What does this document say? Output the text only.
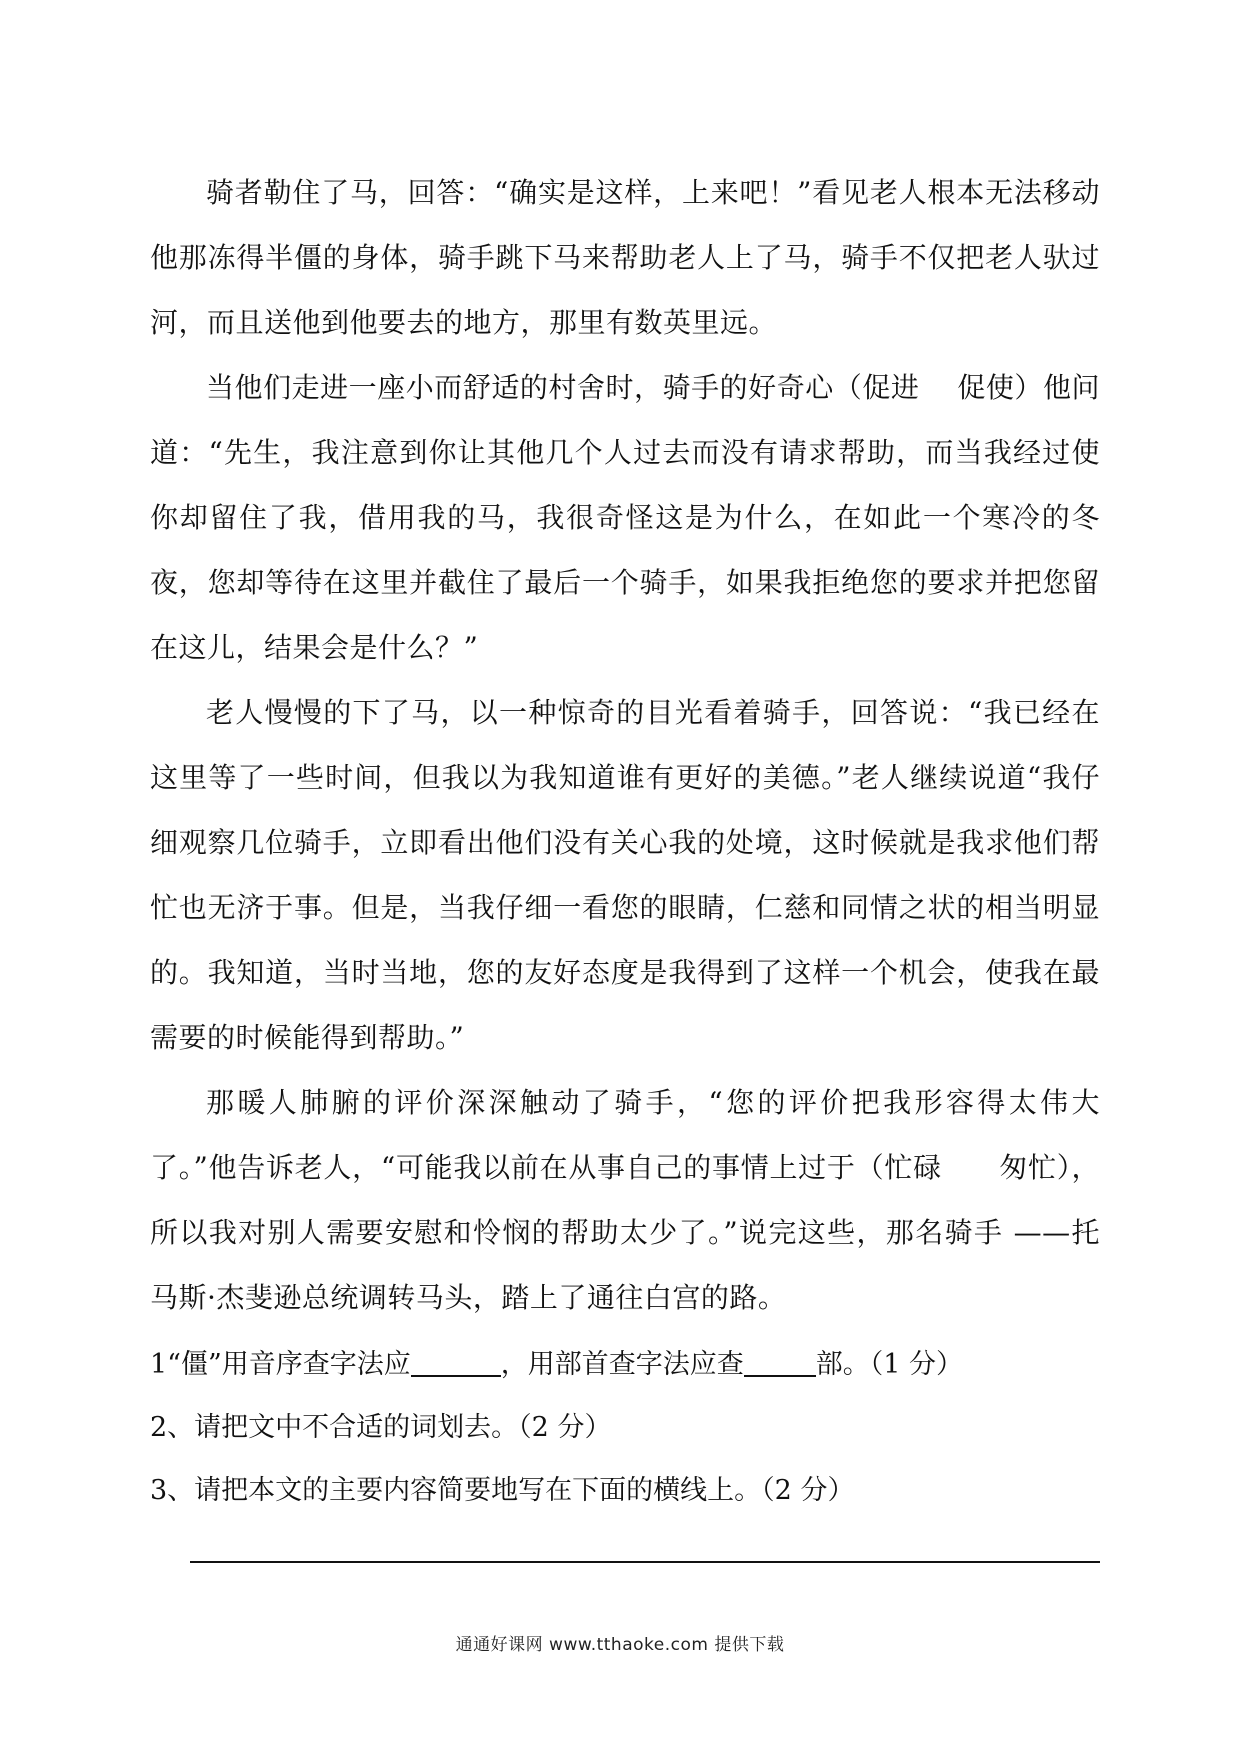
骑者勒住了马，回答：“确实是这样，上来吧！”看见老人根本无法移动他那冻得半僵的身体，骑手跳下马来帮助老人上了马，骑手不仅把老人驮过河，而且送他到他要去的地方，那里有数英里远。

当他们走进一座小而舒适的村舍时，骑手的好奇心（促进　 促使）他问道：“先生，我注意到你让其他几个人过去而没有请求帮助，而当我经过使你却留住了我，借用我的马，我很奇怪这是为什么，在如此一个寒冷的冬夜，您却等待在这里并截住了最后一个骑手，如果我拒绝您的要求并把您留在这儿，结果会是什么？”

老人慢慢的下了马，以一种惊奇的目光看着骑手，回答说：“我已经在这里等了一些时间，但我以为我知道谁有更好的美德。”老人继续说道“我仔细观察几位骑手，立即看出他们没有关心我的处境，这时候就是我求他们帮忙也无济于事。但是，当我仔细一看您的眼睛，仁慈和同情之状的相当明显的。我知道，当时当地，您的友好态度是我得到了这样一个机会，使我在最需要的时候能得到帮助。”

那暖人肺腑的评价深深触动了骑手，“您的评价把我形容得太伟大了。”他告诉老人，“可能我以前在从事自己的事情上过于（忙碌　　匆忙），所以我对别人需要安慰和怜悯的帮助太少了。”说完这些，那名骑手 ——托马斯·杰斐逊总统调转马头，踏上了通往白宫的路。

1“僵”用音序查字法应	，用部首查字法应查	部。（1 分）

2、请把文中不合适的词划去。（2 分）

3、请把本文的主要内容简要地写在下面的横线上。（2 分）

通通好课网 www.tthaoke.com 提供下载
